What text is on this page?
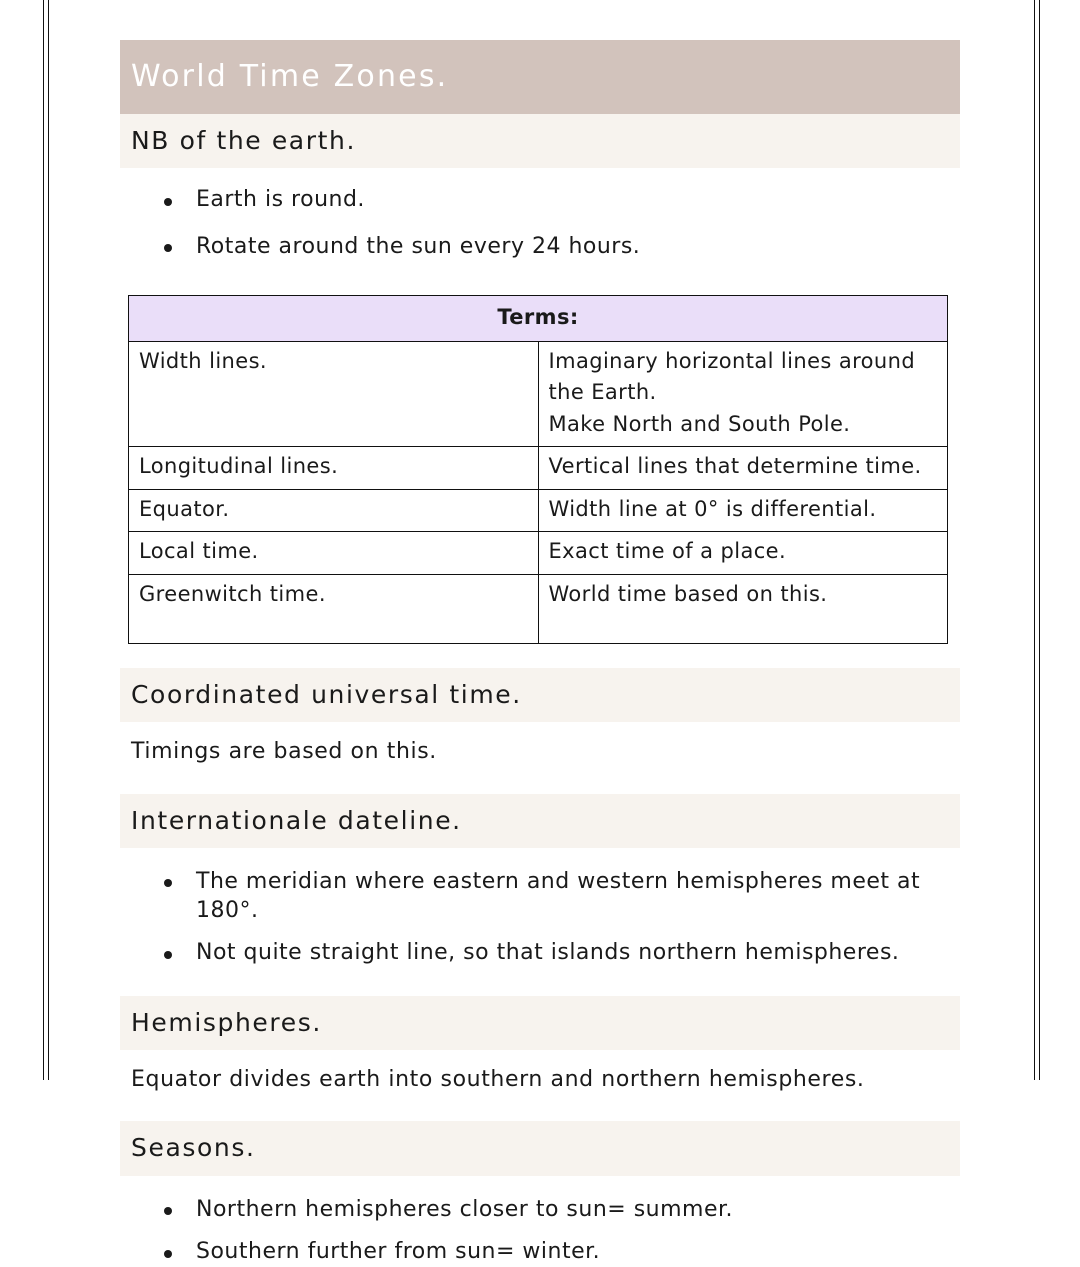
World Time Zones.
NB of the earth.
Earth is round.
Rotate around the sun every 24 hours.
Terms:	
Width lines.	Imaginary horizontal lines around
the Earth.
Make North and South Pole.

Longitudinal lines.	Vertical lines that determine time.

Equator.	Width line at 0° is differential.

Local time.	Exact time of a place.

Greenwitch time.	World time based on this.
Coordinated universal time.
Timings are based on this.
Internationale dateline.
The meridian where eastern and western hemispheres meet at 180°.
Not quite straight line, so that islands northern hemispheres.
Hemispheres.
Equator divides earth into southern and northern hemispheres.
Seasons.
Northern hemispheres closer to sun= summer.
Southern further from sun= winter.
